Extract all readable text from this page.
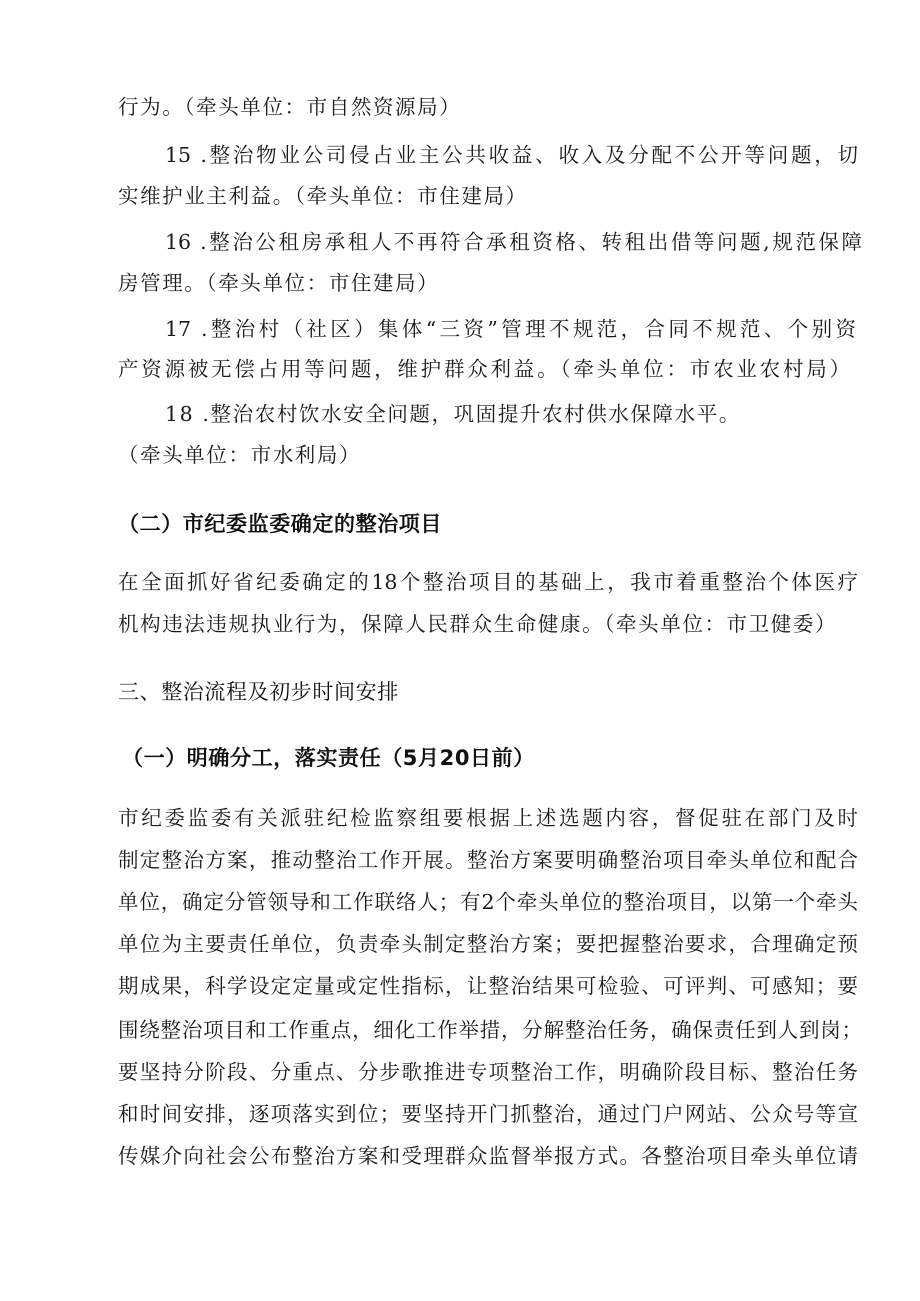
行为。（牵头单位：市自然资源局）
15 .整治物业公司侵占业主公共收益、收入及分配不公开等问题，切
实维护业主利益。（牵头单位：市住建局）
16 .整治公租房承租人不再符合承租资格、转租出借等问题,规范保障
房管理。（牵头单位：市住建局）
17 .整治村（社区）集体“三资”管理不规范，合同不规范、个别资
产资源被无偿占用等问题，维护群众利益。（牵头单位：市农业农村局）
18 .整治农村饮水安全问题，巩固提升农村供水保障水平。
（牵头单位：市水利局）
（二）市纪委监委确定的整治项目
在全面抓好省纪委确定的18个整治项目的基础上，我市着重整治个体医疗
机构违法违规执业行为，保障人民群众生命健康。（牵头单位：市卫健委）
三、整治流程及初步时间安排
（一）明确分工，落实责任（5月20日前）
市纪委监委有关派驻纪检监察组要根据上述选题内容，督促驻在部门及时
制定整治方案，推动整治工作开展。整治方案要明确整治项目牵头单位和配合
单位，确定分管领导和工作联络人；有2个牵头单位的整治项目，以第一个牵头
单位为主要责任单位，负责牵头制定整治方案；要把握整治要求，合理确定预
期成果，科学设定定量或定性指标，让整治结果可检验、可评判、可感知；要
围绕整治项目和工作重点，细化工作举措，分解整治任务，确保责任到人到岗；
要坚持分阶段、分重点、分步歌推进专项整治工作，明确阶段目标、整治任务
和时间安排，逐项落实到位；要坚持开门抓整治，通过门户网站、公众号等宣
传媒介向社会公布整治方案和受理群众监督举报方式。各整治项目牵头单位请
